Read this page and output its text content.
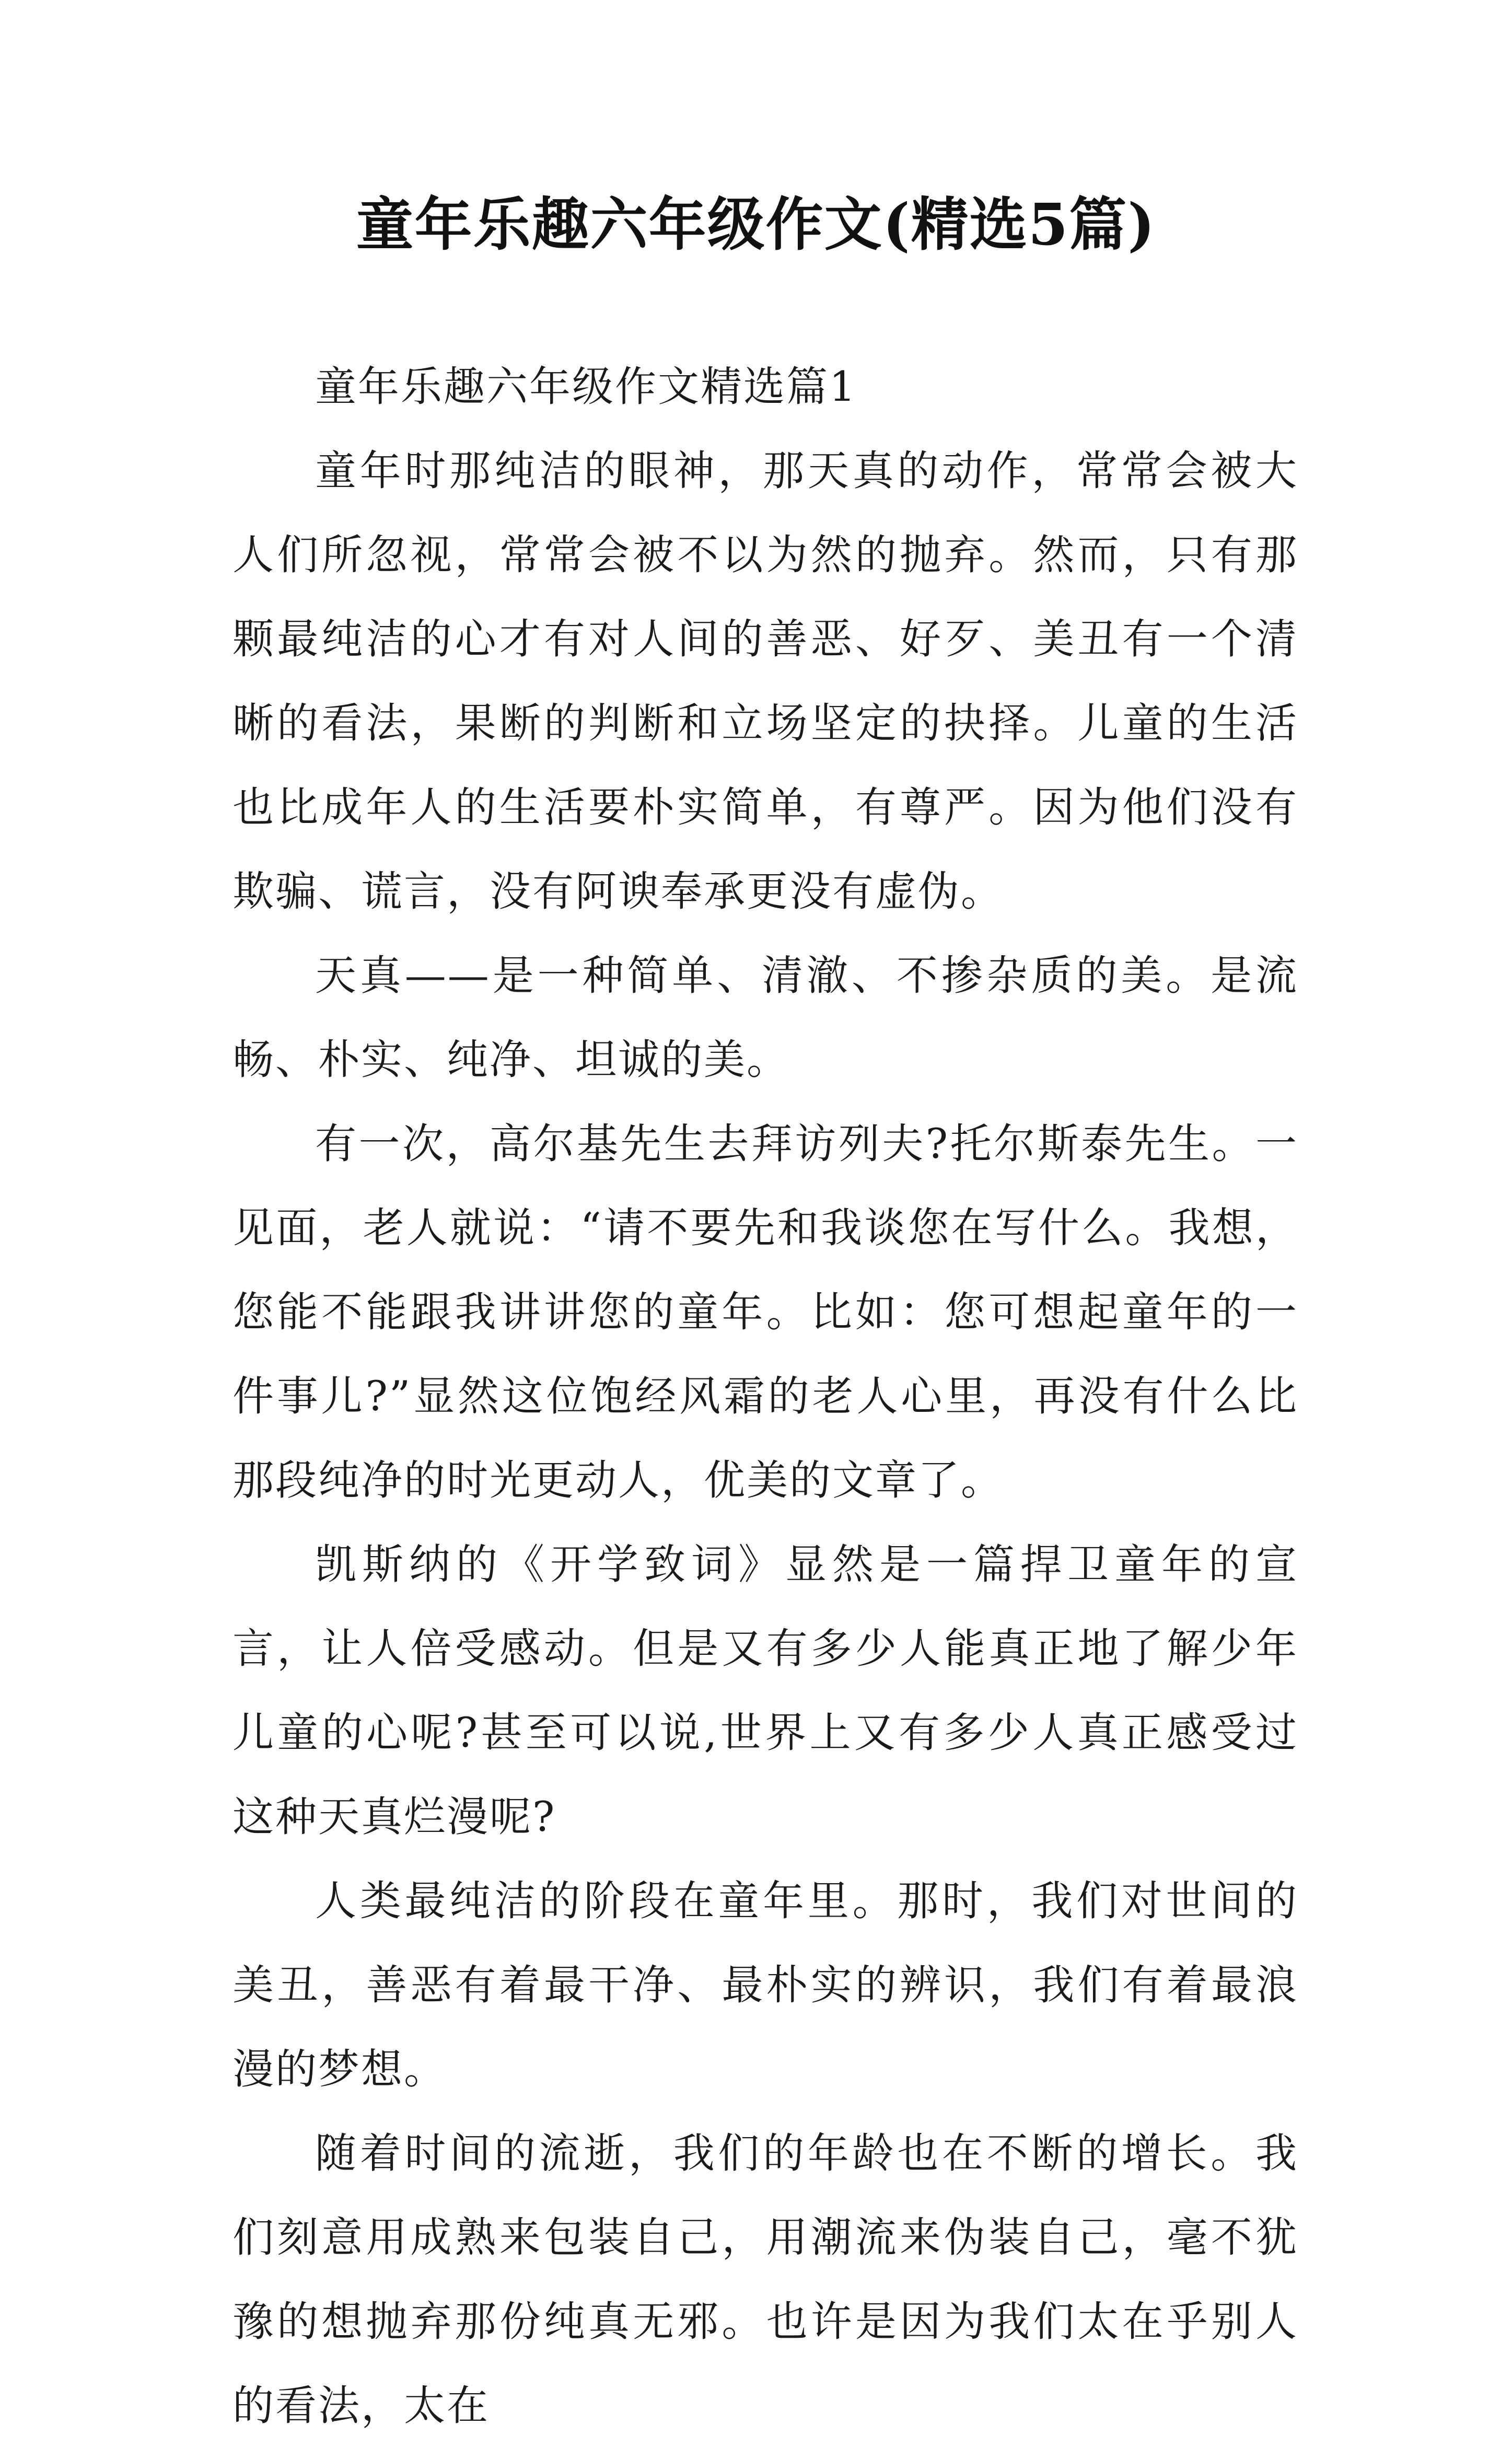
童年乐趣六年级作文(精选5篇)

童年乐趣六年级作文精选篇1

童年时那纯洁的眼神，那天真的动作，常常会被大人们所忽视，常常会被不以为然的抛弃。然而，只有那颗最纯洁的心才有对人间的善恶、好歹、美丑有一个清晰的看法，果断的判断和立场坚定的抉择。儿童的生活也比成年人的生活要朴实简单，有尊严。因为他们没有欺骗、谎言，没有阿谀奉承更没有虚伪。

天真——是一种简单、清澈、不掺杂质的美。是流畅、朴实、纯净、坦诚的美。

有一次，高尔基先生去拜访列夫?托尔斯泰先生。一见面，老人就说：“请不要先和我谈您在写什么。我想，您能不能跟我讲讲您的童年。比如：您可想起童年的一件事儿?”显然这位饱经风霜的老人心里，再没有什么比那段纯净的时光更动人，优美的文章了。

凯斯纳的《开学致词》显然是一篇捍卫童年的宣言，让人倍受感动。但是又有多少人能真正地了解少年儿童的心呢?甚至可以说,世界上又有多少人真正感受过这种天真烂漫呢?

人类最纯洁的阶段在童年里。那时，我们对世间的美丑，善恶有着最干净、最朴实的辨识，我们有着最浪漫的梦想。

随着时间的流逝，我们的年龄也在不断的增长。我们刻意用成熟来包装自己，用潮流来伪装自己，毫不犹豫的想抛弃那份纯真无邪。也许是因为我们太在乎别人的看法，太在
